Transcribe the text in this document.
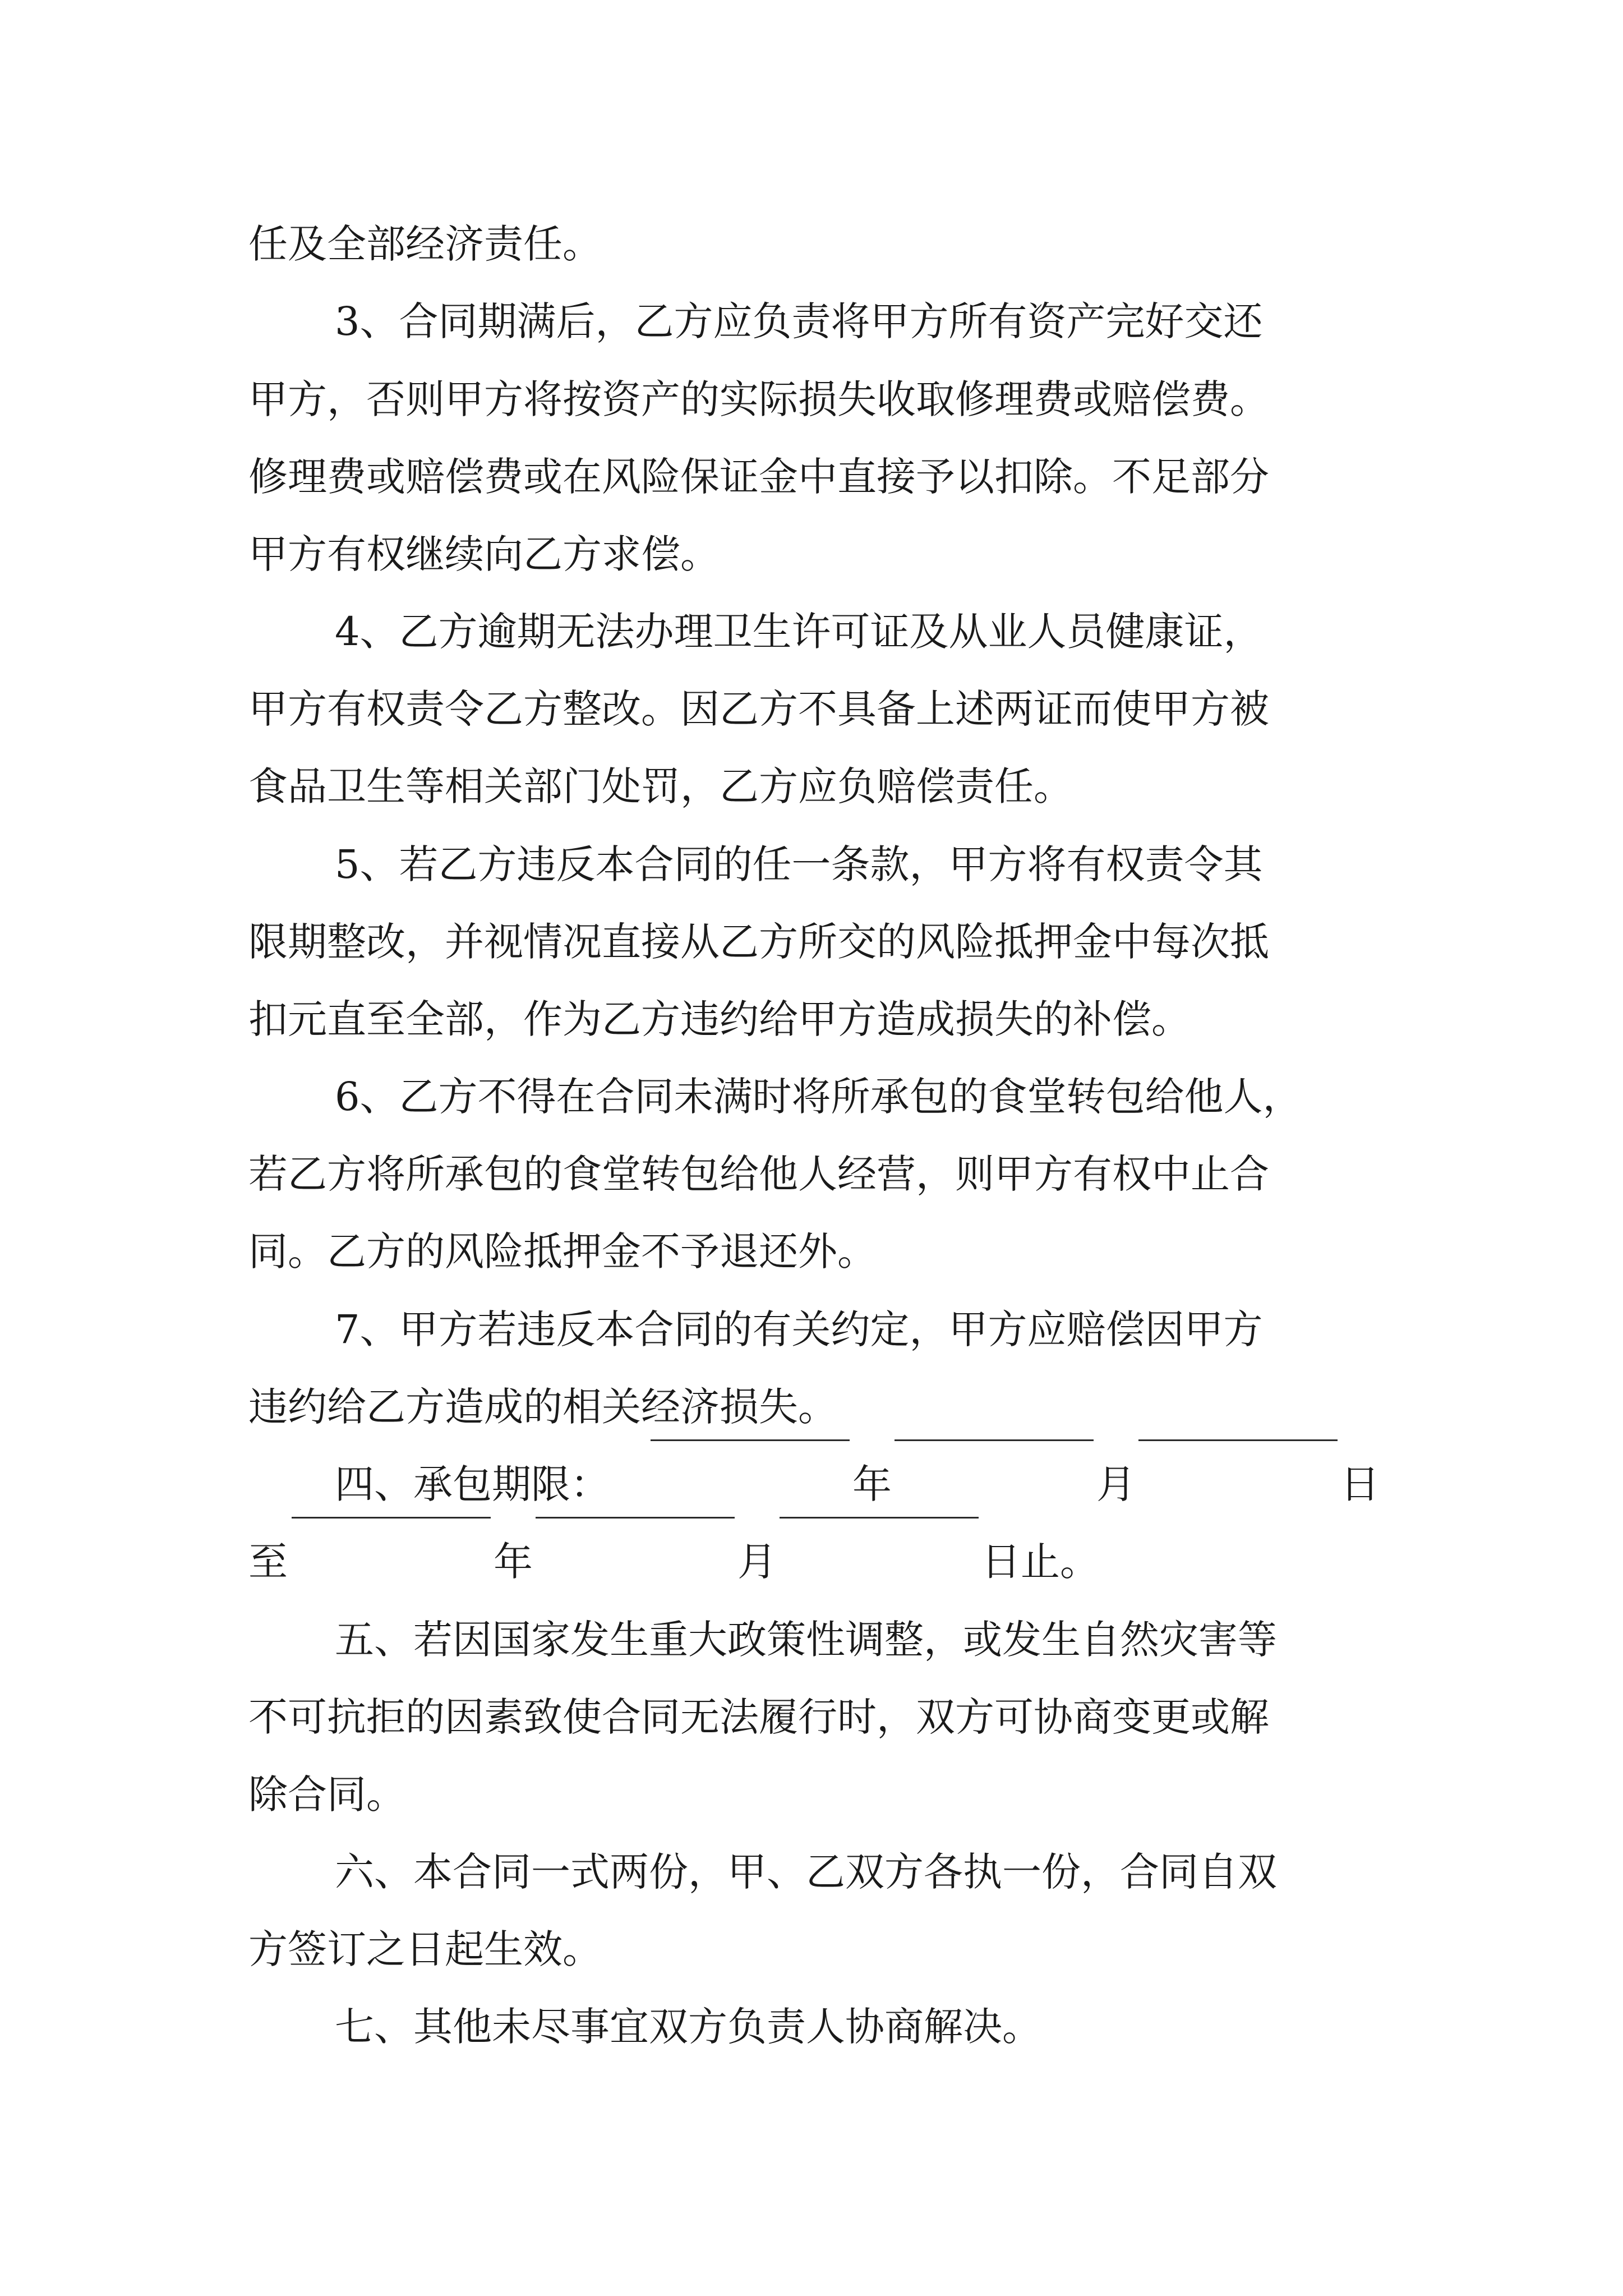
任及全部经济责任。

3、合同期满后，乙方应负责将甲方所有资产完好交还

甲方，否则甲方将按资产的实际损失收取修理费或赔偿费。

修理费或赔偿费或在风险保证金中直接予以扣除。不足部分

甲方有权继续向乙方求偿。

4、乙方逾期无法办理卫生许可证及从业人员健康证，

甲方有权责令乙方整改。因乙方不具备上述两证而使甲方被

食品卫生等相关部门处罚，乙方应负赔偿责任。

5、若乙方违反本合同的任一条款，甲方将有权责令其

限期整改，并视情况直接从乙方所交的风险抵押金中每次抵

扣元直至全部，作为乙方违约给甲方造成损失的补偿。

6、乙方不得在合同未满时将所承包的食堂转包给他人，

若乙方将所承包的食堂转包给他人经营，则甲方有权中止合

同。乙方的风险抵押金不予退还外。

7、甲方若违反本合同的有关约定，甲方应赔偿因甲方

违约给乙方造成的相关经济损失。

四、承包期限：	年	月	日

至	年	月	日止。

五、若因国家发生重大政策性调整，或发生自然灾害等

不可抗拒的因素致使合同无法履行时，双方可协商变更或解

除合同。

六、本合同一式两份，甲、乙双方各执一份，合同自双

方签订之日起生效。

七、其他未尽事宜双方负责人协商解决。
